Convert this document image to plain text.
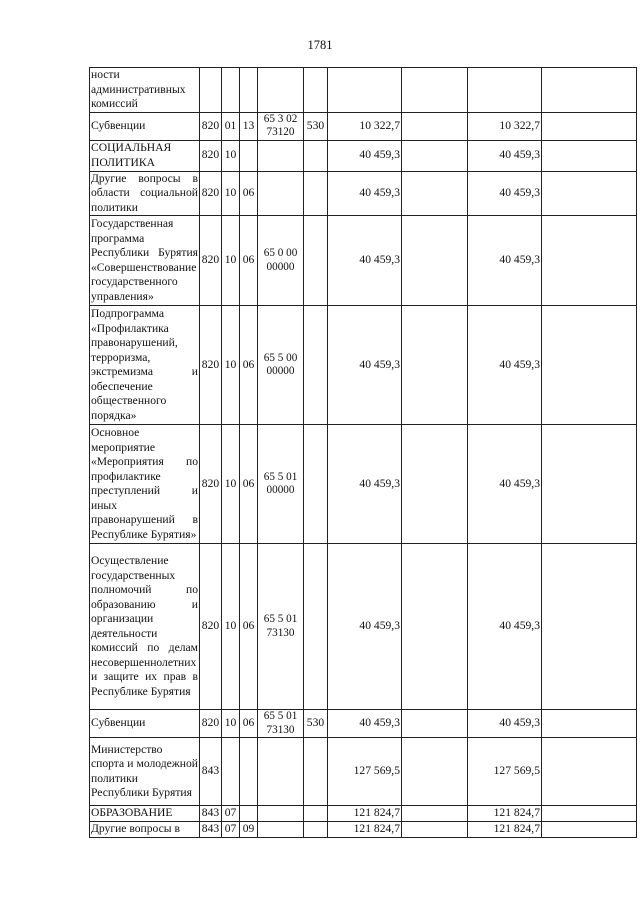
1781
ности административных комиссий									
Субвенции	820	01	13	65 3 02 73120	530	10 322,7		10 322,7	
СОЦИАЛЬНАЯ ПОЛИТИКА	820	10				40 459,3		40 459,3	
Другие вопросы в области социальной политики	820	10	06			40 459,3		40 459,3	
Государственная программа Республики Бурятия «Совершенствование государственного управления»	820	10	06	65 0 00 00000		40 459,3		40 459,3	
Подпрограмма «Профилактика правонарушений, терроризма, экстремизма и обеспечение общественного порядка»	820	10	06	65 5 00 00000		40 459,3		40 459,3	
Основное мероприятие «Мероприятия по профилактике преступлений и иных правонарушений в Республике Бурятия»	820	10	06	65 5 01 00000		40 459,3		40 459,3	
Осуществление государственных полномочий по образованию и организации деятельности комиссий по делам несовершеннолетних и защите их прав в Республике Бурятия	820	10	06	65 5 01 73130		40 459,3		40 459,3	
Субвенции	820	10	06	65 5 01 73130	530	40 459,3		40 459,3	
Министерство спорта и молодежной политики Республики Бурятия	843					127 569,5		127 569,5	
ОБРАЗОВАНИЕ	843	07				121 824,7		121 824,7	
Другие вопросы в	843	07	09			121 824,7		121 824,7	
